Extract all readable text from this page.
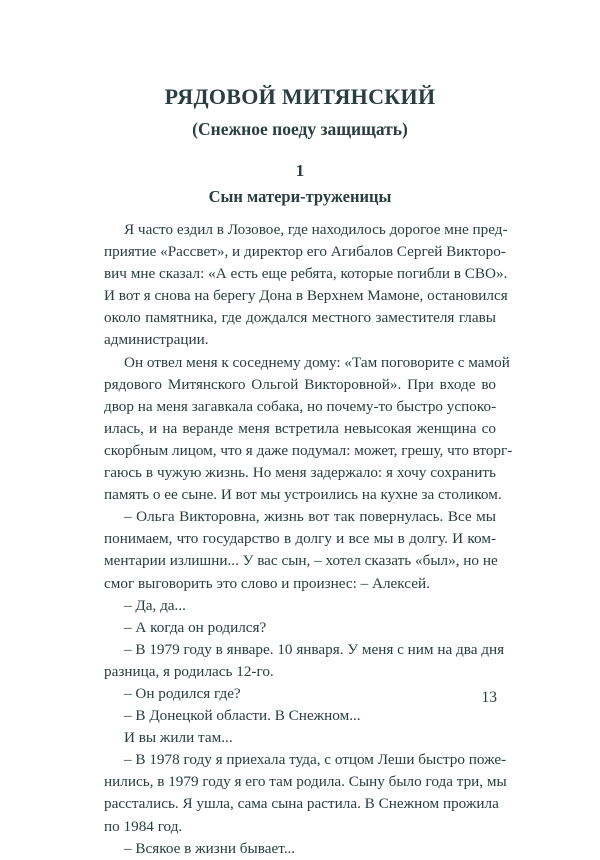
РЯДОВОЙ МИТЯНСКИЙ
(Снежное поеду защищать)
1
Сын матери-труженицы
Я часто ездил в Лозовое, где находилось дорогое мне пред-
приятие «Рассвет», и директор его Агибалов Сергей Викторо-
вич мне сказал: «А есть еще ребята, которые погибли в СВО».
И вот я снова на берегу Дона в Верхнем Мамоне, остановился
около памятника, где дождался местного заместителя главы
администрации.
Он отвел меня к соседнему дому: «Там поговорите с мамой
рядового Митянского Ольгой Викторовной». При входе во
двор на меня загавкала собака, но почему-то быстро успоко-
илась, и на веранде меня встретила невысокая женщина со
скорбным лицом, что я даже подумал: может, грешу, что вторг-
гаюсь в чужую жизнь. Но меня задержало: я хочу сохранить
память о ее сыне. И вот мы устроились на кухне за столиком.
– Ольга Викторовна, жизнь вот так повернулась. Все мы
понимаем, что государство в долгу и все мы в долгу. И ком-
ментарии излишни... У вас сын, – хотел сказать «был», но не
смог выговорить это слово и произнес: – Алексей.
– Да, да...
– А когда он родился?
– В 1979 году в январе. 10 января. У меня с ним на два дня
разница, я родилась 12-го.
– Он родился где?
– В Донецкой области. В Снежном...
И вы жили там...
– В 1978 году я приехала туда, с отцом Леши быстро поже-
нились, в 1979 году я его там родила. Сыну было года три, мы
расстались. Я ушла, сама сына растила. В Снежном прожила
по 1984 год.
– Всякое в жизни бывает...
13
